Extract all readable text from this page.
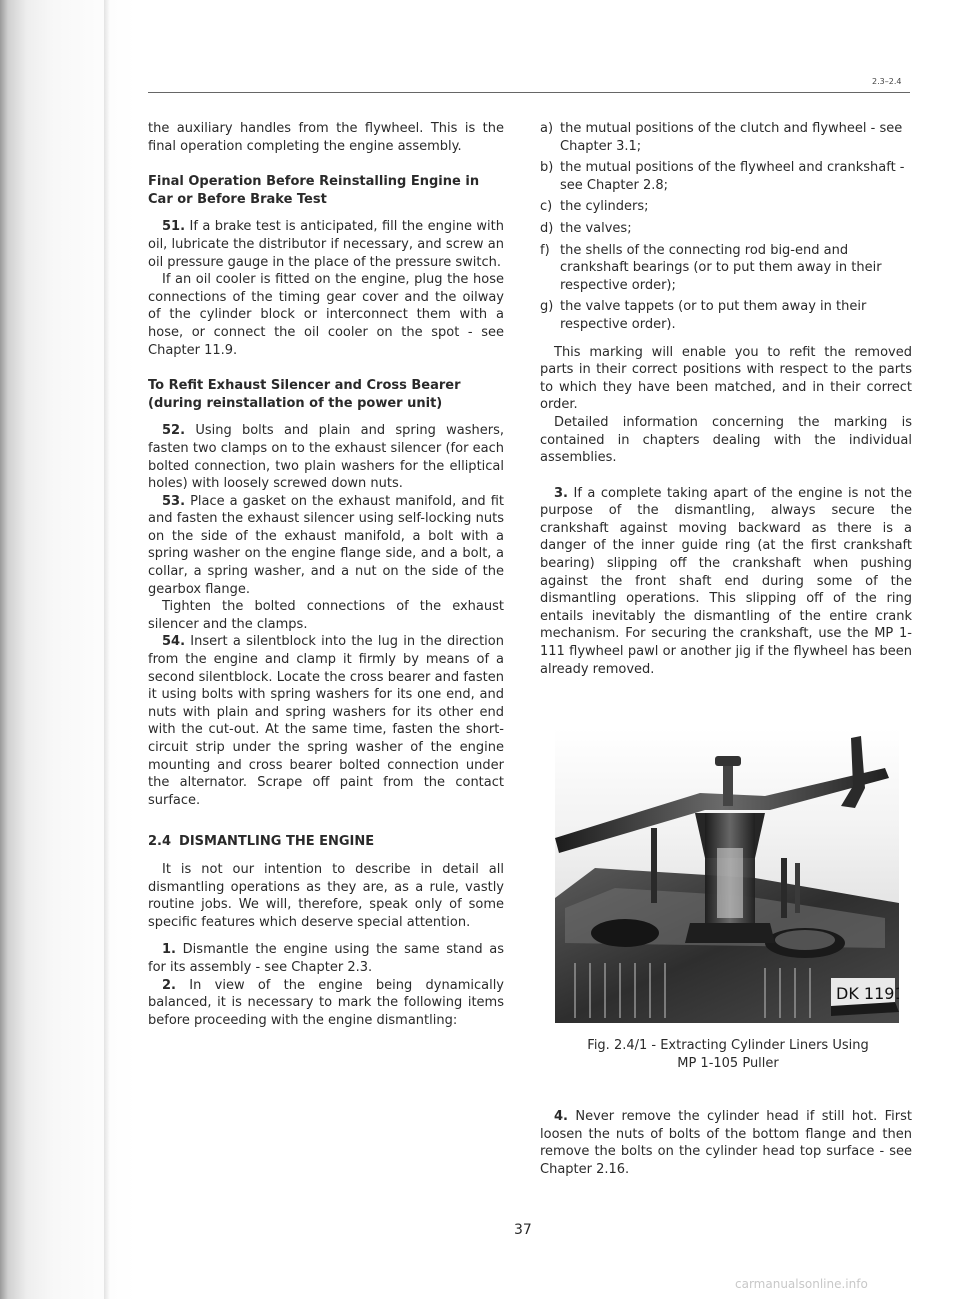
2.3–2.4

the auxiliary handles from the flywheel. This is the final operation completing the engine assembly.

Final Operation Before Reinstalling Engine in Car or Before Brake Test

51. If a brake test is anticipated, fill the engine with oil, lubricate the distributor if necessary, and screw an oil pressure gauge in the place of the pressure switch.

If an oil cooler is fitted on the engine, plug the hose connections of the timing gear cover and the oilway of the cylinder block or interconnect them with a hose, or connect the oil cooler on the spot - see Chapter 11.9.

To Refit Exhaust Silencer and Cross Bearer (during reinstallation of the power unit)

52. Using bolts and plain and spring washers, fasten two clamps on to the exhaust silencer (for each bolted connection, two plain washers for the elliptical holes) with loosely screwed down nuts.

53. Place a gasket on the exhaust manifold, and fit and fasten the exhaust silencer using self-locking nuts on the side of the exhaust manifold, a bolt with a spring washer on the engine flange side, and a bolt, a collar, a spring washer, and a nut on the side of the gearbox flange.

Tighten the bolted connections of the exhaust silencer and the clamps.

54. Insert a silentblock into the lug in the direction from the engine and clamp it firmly by means of a second silentblock. Locate the cross bearer and fasten it using bolts with spring washers for its one end, and nuts with plain and spring washers for its other end with the cut-out. At the same time, fasten the short-circuit strip under the spring washer of the engine mounting and cross bearer bolted connection under the alternator. Scrape off paint from the contact surface.

2.4 DISMANTLING THE ENGINE

It is not our intention to describe in detail all dismantling operations as they are, as a rule, vastly routine jobs. We will, therefore, speak only of some specific features which deserve special attention.

1. Dismantle the engine using the same stand as for its assembly - see Chapter 2.3.

2. In view of the engine being dynamically balanced, it is necessary to mark the following items before proceeding with the engine dismantling:

a) the mutual positions of the clutch and flywheel - see Chapter 3.1;
b) the mutual positions of the flywheel and crankshaft - see Chapter 2.8;
c) the cylinders;
d) the valves;
f) the shells of the connecting rod big-end and crankshaft bearings (or to put them away in their respective order);
g) the valve tappets (or to put them away in their respective order).

This marking will enable you to refit the removed parts in their correct positions with respect to the parts to which they have been matched, and in their correct order.

Detailed information concerning the marking is contained in chapters dealing with the individual assemblies.

3. If a complete taking apart of the engine is not the purpose of the dismantling, always secure the crankshaft against moving backward as there is a danger of the inner guide ring (at the first crankshaft bearing) slipping off the crankshaft when pushing against the front shaft end during some of the dismantling operations. This slipping off of the ring entails inevitably the dismantling of the entire crank mechanism. For securing the crankshaft, use the MP 1-111 flywheel pawl or another jig if the flywheel has been already removed.

DK 1191
Fig. 2.4/1 - Extracting Cylinder Liners Using
MP 1-105 Puller

4. Never remove the cylinder head if still hot. First loosen the nuts of bolts of the bottom flange and then remove the bolts on the cylinder head top surface - see Chapter 2.16.

37
carmanualsonline.info
